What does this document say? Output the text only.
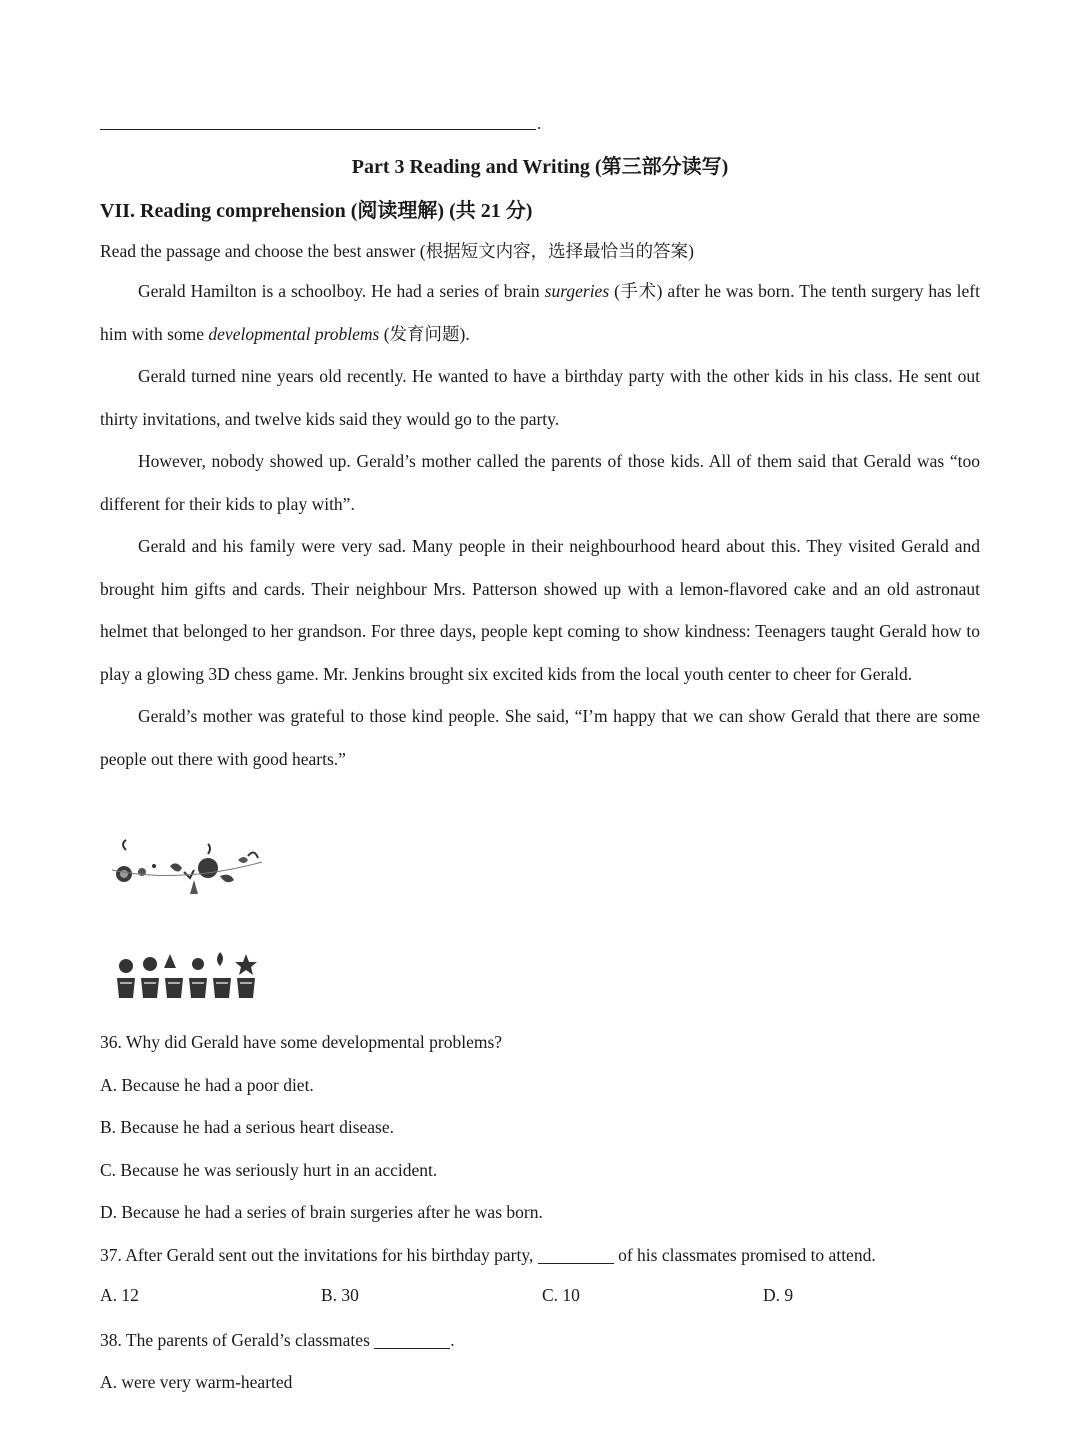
.
Part 3 Reading and Writing (第三部分读写)
VII. Reading comprehension (阅读理解) (共 21 分)
Read the passage and choose the best answer (根据短文内容，选择最恰当的答案)

Gerald Hamilton is a schoolboy. He had a series of brain surgeries (手术) after he was born. The tenth surgery has left him with some developmental problems (发育问题).

Gerald turned nine years old recently. He wanted to have a birthday party with the other kids in his class. He sent out thirty invitations, and twelve kids said they would go to the party.

However, nobody showed up. Gerald’s mother called the parents of those kids. All of them said that Gerald was “too different for their kids to play with”.

Gerald and his family were very sad. Many people in their neighbourhood heard about this. They visited Gerald and brought him gifts and cards. Their neighbour Mrs. Patterson showed up with a lemon-flavored cake and an old astronaut helmet that belonged to her grandson. For three days, people kept coming to show kindness: Teenagers taught Gerald how to play a glowing 3D chess game. Mr. Jenkins brought six excited kids from the local youth center to cheer for Gerald.

Gerald’s mother was grateful to those kind people. She said, “I’m happy that we can show Gerald that there are some people out there with good hearts.”

36. Why did Gerald have some developmental problems?
A. Because he had a poor diet.
B. Because he had a serious heart disease.
C. Because he was seriously hurt in an accident.
D. Because he had a series of brain surgeries after he was born.
37. After Gerald sent out the invitations for his birthday party,	of his classmates promised to attend.
A. 12	B. 30	C. 10	D. 9
38. The parents of Gerald’s classmates	.
A. were very warm-hearted
